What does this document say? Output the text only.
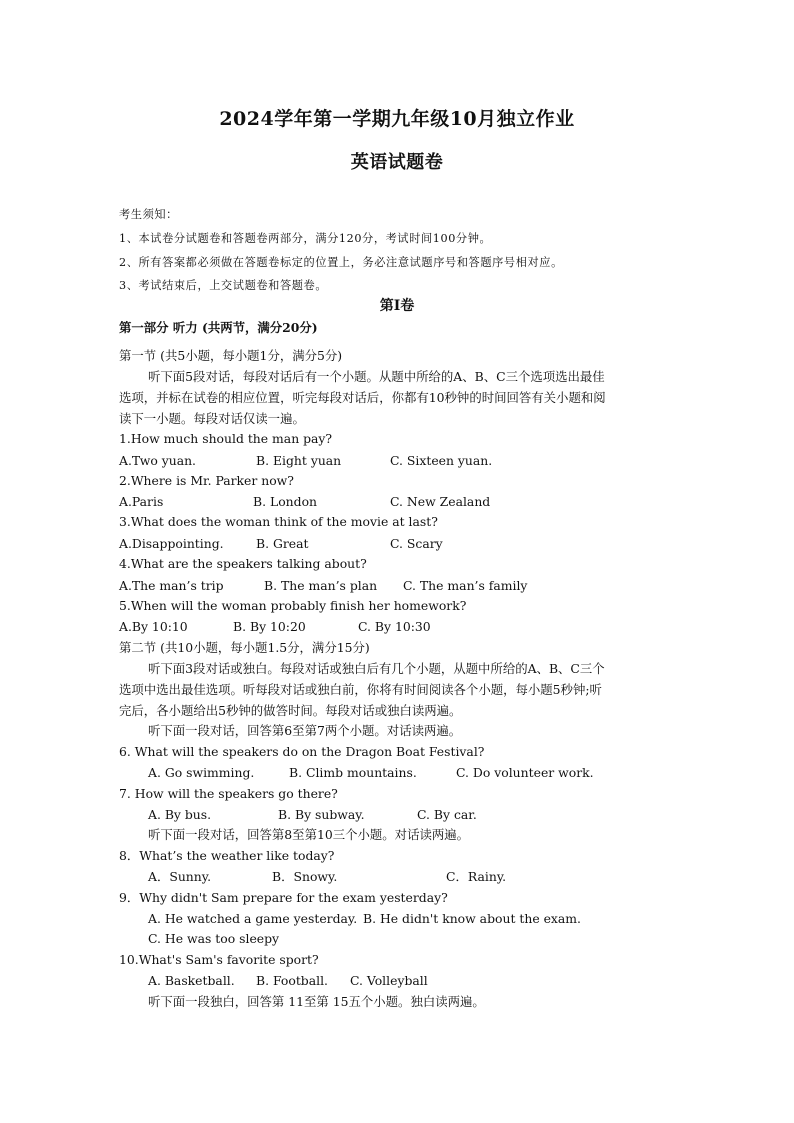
2024学年第一学期九年级10月独立作业
英语试题卷
考生须知：
1、本试卷分试题卷和答题卷两部分，满分120分，考试时间100分钟。
2、所有答案都必须做在答题卷标定的位置上，务必注意试题序号和答题序号相对应。
3、考试结束后，上交试题卷和答题卷。
第Ⅰ卷
第一部分 听力 (共两节，满分20分)
第一节 (共5小题，每小题1分，满分5分)
听下面5段对话，每段对话后有一个小题。从题中所给的A、B、C三个选项选出最佳
选项，并标在试卷的相应位置，听完每段对话后，你都有10秒钟的时间回答有关小题和阅
读下一小题。每段对话仅读一遍。
1.How much should the man pay?
A.Two yuan.	B. Eight yuan	C. Sixteen yuan.
2.Where is Mr. Parker now?
A.Paris	B. London	C. New Zealand
3.What does the woman think of the movie at last?
A.Disappointing.	B. Great	C. Scary
4.What are the speakers talking about?
A.The man’s trip	B. The man’s plan C. The man’s family
5.When will the woman probably finish her homework?
A.By 10:10	B. By 10:20	C. By 10:30
第二节 (共10小题，每小题1.5分，满分15分)
听下面3段对话或独白。每段对话或独白后有几个小题，从题中所给的A、B、C三个
选项中选出最佳选项。听每段对话或独白前，你将有时间阅读各个小题，每小题5秒钟;听
完后，各小题给出5秒钟的做答时间。每段对话或独白读两遍。
听下面一段对话，回答第6至第7两个小题。对话读两遍。
6. What will the speakers do on the Dragon Boat Festival?
A. Go swimming.	B. Climb mountains.	C. Do volunteer work.
7. How will the speakers go there?
A. By bus.	B. By subway.	C. By car.
听下面一段对话，回答第8至第10三个小题。对话读两遍。
8．What’s the weather like today?
A．Sunny.	B．Snowy.	C．Rainy.
9．Why didn't Sam prepare for the exam yesterday?
A. He watched a game yesterday. B. He didn't know about the exam.
C. He was too sleepy
10.What's Sam's favorite sport?
A. Basketball. B. Football. C. Volleyball
听下面一段独白，回答第 11至第 15五个小题。独白读两遍。
